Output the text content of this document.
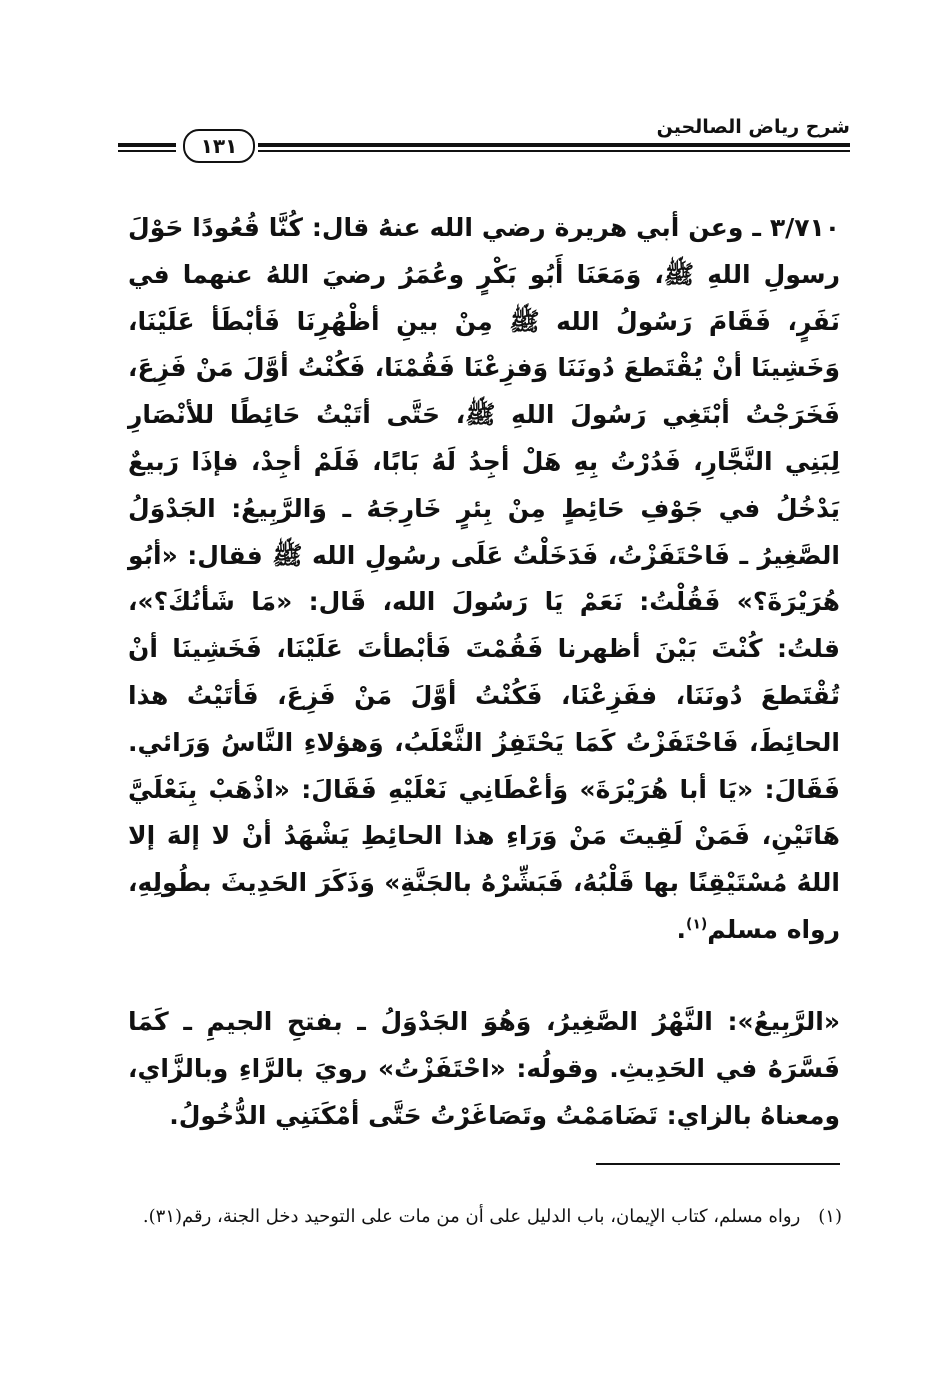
شرح رياض الصالحين
١٣١

٣/٧١٠ ـ وعن أبي هريرة رضي الله عنهُ قال: كُنَّا قُعُودًا حَوْلَ رسولِ اللهِ ﷺ، وَمَعَنَا أَبُو بَكْرٍ وعُمَرُ رضيَ اللهُ عنهما في نَفَرٍ، فَقَامَ رَسُولُ الله ﷺ مِنْ بينِ أظْهُرِنَا فَأبْطَأ عَلَيْنَا، وَخَشِينَا أنْ يُقْتَطعَ دُونَنَا وَفزِعْنَا فَقُمْنَا، فَكُنْتُ أوَّلَ مَنْ فَزِعَ، فَخَرَجْتُ أبْتَغِي رَسُولَ اللهِ ﷺ، حَتَّى أتَيْتُ حَائِطًا للأنْصَارِ لِبَنِي النَّجَّارِ، فَدُرْتُ بِهِ هَلْ أجِدُ لَهُ بَابًا، فَلَمْ أجِدْ، فإذَا رَبيعٌ يَدْخُلُ في جَوْفِ حَائِطٍ مِنْ بِئرٍ خَارِجَهُ ـ وَالرَّبِيعُ: الجَدْوَلُ الصَّغِيرُ ـ فَاحْتَفَزْتُ، فَدَخَلْتُ عَلَى رسُولِ الله ﷺ فقال: «أبُو هُرَيْرَةَ؟» فَقُلْتُ: نَعَمْ يَا رَسُولَ الله، قَال: «مَا شَأنُكَ؟»، قلتُ: كُنْتَ بَيْنَ أظهرنا فَقُمْتَ فَأبْطأتَ عَلَيْنَا، فَخَشِينَا أنْ تُقْتَطعَ دُونَنَا، ففَزِعْنَا، فَكُنْتُ أوَّلَ مَنْ فَزِعَ، فَأتَيْتُ هذا الحائِطَ، فَاحْتَفَزْتُ كَمَا يَحْتَفِزُ الثَّعْلَبُ، وَهؤلاءِ النَّاسُ وَرَائي. فَقَالَ: «يَا أبا هُرَيْرَةَ» وَأعْطَانِي نَعْلَيْهِ فَقَالَ: «اذْهَبْ بِنَعْلَيَّ هَاتَيْنِ، فَمَنْ لَقِيتَ مَنْ وَرَاءِ هذا الحائِطِ يَشْهَدُ أنْ لا إلهَ إلا اللهُ مُسْتَيْقِنًا بها قَلْبُهُ، فَبَشِّرْهُ بالجَنَّةِ» وَذَكَرَ الحَدِيثَ بطُولِهِ، رواه مسلم$^{(١)}$.

«الرَّبِيعُ»: النَّهْرُ الصَّغِيرُ، وَهُوَ الجَدْوَلُ ـ بفتحِ الجيمِ ـ كَمَا فَسَّرَهُ في الحَدِيثِ. وقولُه: «احْتَفَزْتُ» رويَ بالرَّاءِ وبالزَّاي، ومعناهُ بالزاي: تَضَامَمْتُ وتَصَاغَرْتُ حَتَّى أمْكَنَنِي الدُّخُولُ.

(١)رواه مسلم، كتاب الإيمان، باب الدليل على أن من مات على التوحيد دخل الجنة، رقم(٣١).
